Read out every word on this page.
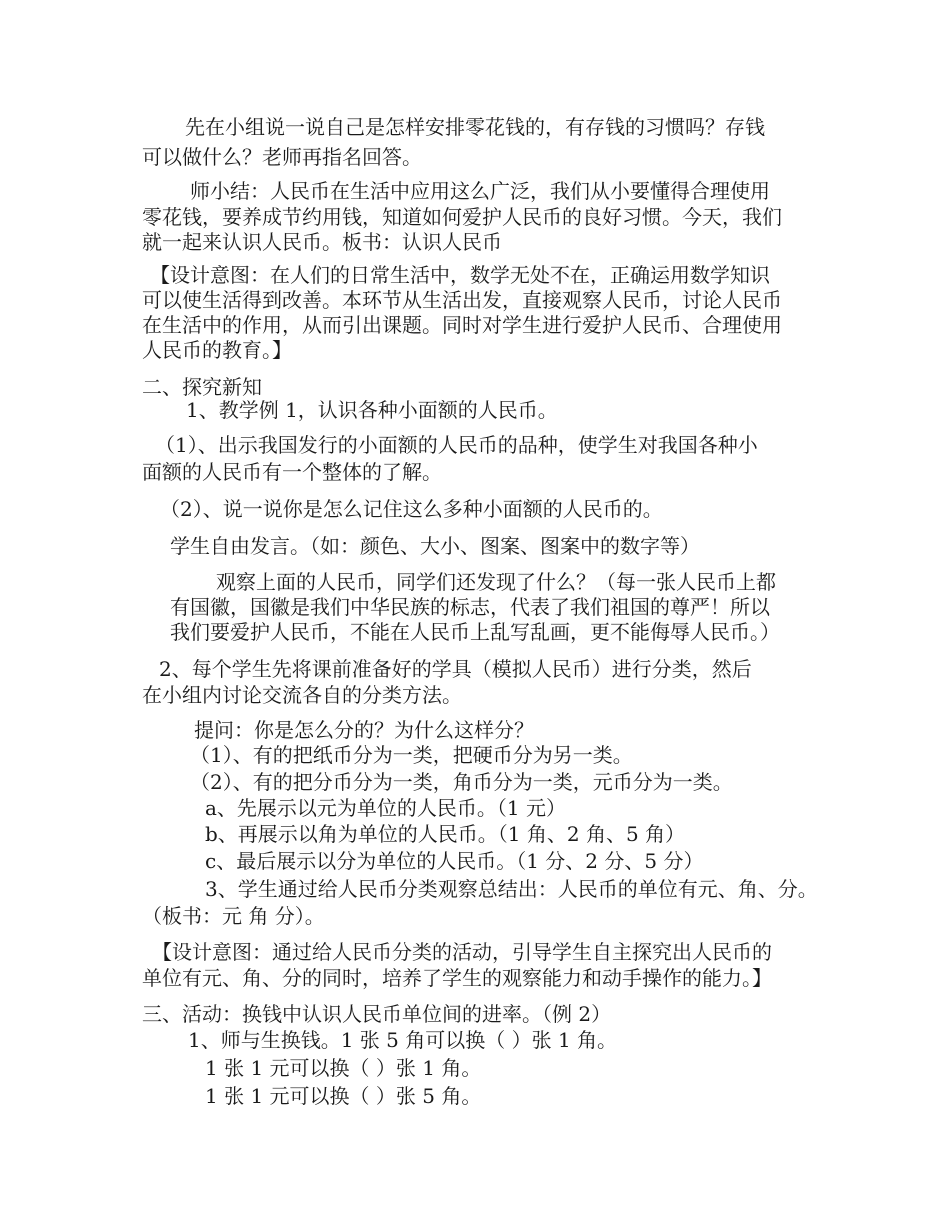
先在小组说一说自己是怎样安排零花钱的，有存钱的习惯吗？存钱
可以做什么？老师再指名回答。
师小结：人民币在生活中应用这么广泛，我们从小要懂得合理使用
零花钱，要养成节约用钱，知道如何爱护人民币的良好习惯。今天，我们
就一起来认识人民币。板书：认识人民币
【设计意图：在人们的日常生活中，数学无处不在，正确运用数学知识
可以使生活得到改善。本环节从生活出发，直接观察人民币，讨论人民币
在生活中的作用，从而引出课题。同时对学生进行爱护人民币、合理使用
人民币的教育。】
二、探究新知
1、教学例 1，认识各种小面额的人民币。
（1）、出示我国发行的小面额的人民币的品种，使学生对我国各种小
面额的人民币有一个整体的了解。
（2）、说一说你是怎么记住这么多种小面额的人民币的。
学生自由发言。（如：颜色、大小、图案、图案中的数字等）
观察上面的人民币，同学们还发现了什么？（每一张人民币上都
有国徽，国徽是我们中华民族的标志，代表了我们祖国的尊严！所以
我们要爱护人民币，不能在人民币上乱写乱画，更不能侮辱人民币。）
2、每个学生先将课前准备好的学具（模拟人民币）进行分类，然后
在小组内讨论交流各自的分类方法。
提问：你是怎么分的？为什么这样分？
（1）、有的把纸币分为一类，把硬币分为另一类。
（2）、有的把分币分为一类，角币分为一类，元币分为一类。
a、先展示以元为单位的人民币。（1 元）
b、再展示以角为单位的人民币。（1 角、2 角、5 角）
c、最后展示以分为单位的人民币。（1 分、2 分、5 分）
3、学生通过给人民币分类观察总结出：人民币的单位有元、角、分。
（板书：元 角 分）。
【设计意图：通过给人民币分类的活动，引导学生自主探究出人民币的
单位有元、角、分的同时，培养了学生的观察能力和动手操作的能力。】
三、活动：换钱中认识人民币单位间的进率。（例 2）
1、师与生换钱。1 张 5 角可以换（ ）张 1 角。
1 张 1 元可以换（ ）张 1 角。
1 张 1 元可以换（ ）张 5 角。
